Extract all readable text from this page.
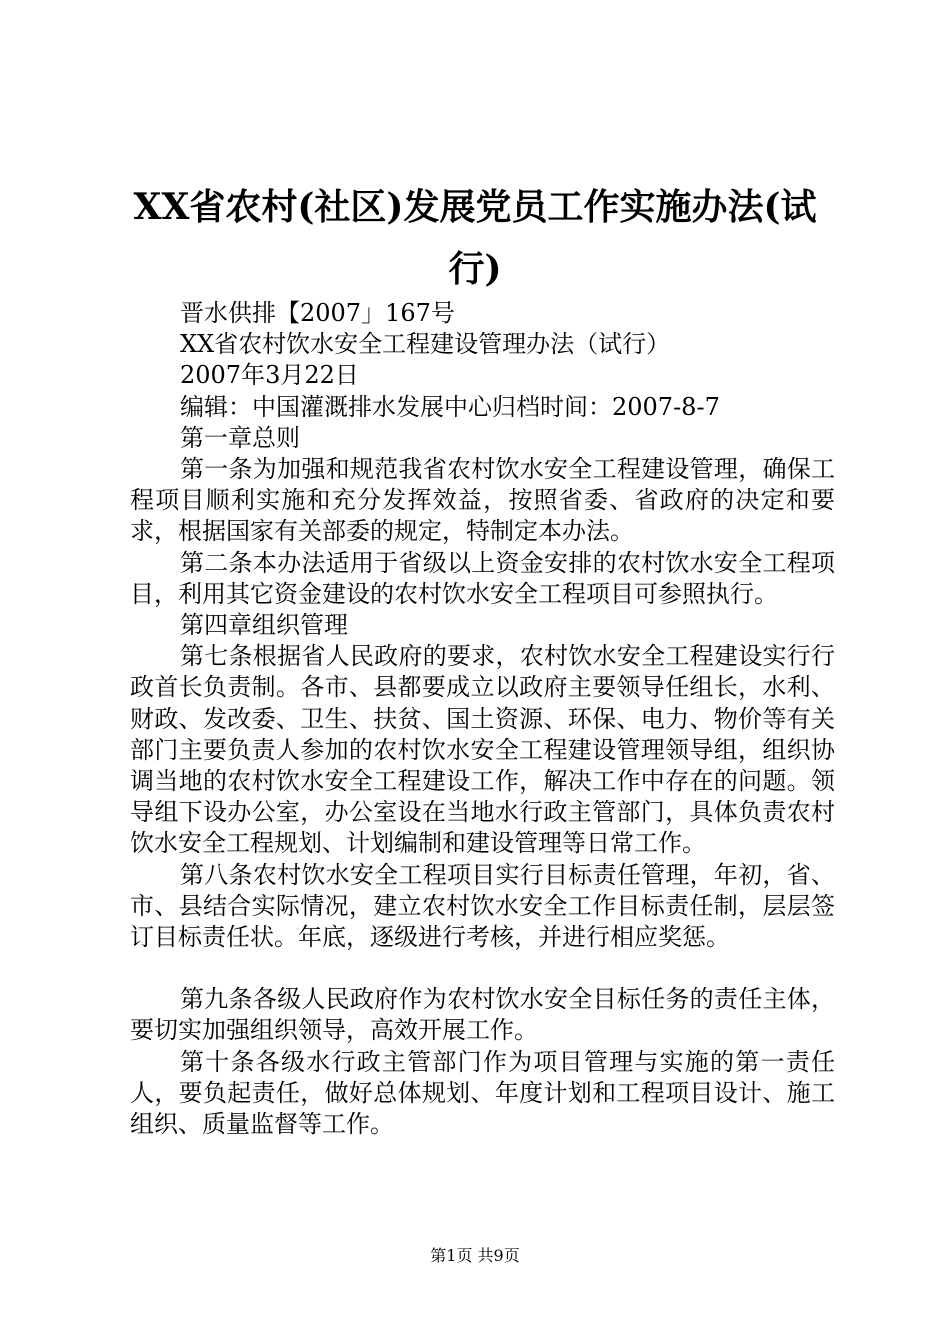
XX省农村(社区)发展党员工作实施办法(试
行)
晋水供排【2007」167号
XX省农村饮水安全工程建设管理办法（试行）
2007年3月22日
编辑：中国灌溉排水发展中心归档时间：2007-8-7
第一章总则
第一条为加强和规范我省农村饮水安全工程建设管理，确保工程项目顺利实施和充分发挥效益，按照省委、省政府的决定和要求，根据国家有关部委的规定，特制定本办法。
第二条本办法适用于省级以上资金安排的农村饮水安全工程项目，利用其它资金建设的农村饮水安全工程项目可参照执行。
第四章组织管理
第七条根据省人民政府的要求，农村饮水安全工程建设实行行政首长负责制。各市、县都要成立以政府主要领导任组长，水利、财政、发改委、卫生、扶贫、国土资源、环保、电力、物价等有关部门主要负责人参加的农村饮水安全工程建设管理领导组，组织协调当地的农村饮水安全工程建设工作，解决工作中存在的问题。领导组下设办公室，办公室设在当地水行政主管部门，具体负责农村饮水安全工程规划、计划编制和建设管理等日常工作。
第八条农村饮水安全工程项目实行目标责任管理，年初，省、市、县结合实际情况，建立农村饮水安全工作目标责任制，层层签订目标责任状。年底，逐级进行考核，并进行相应奖惩。
第九条各级人民政府作为农村饮水安全目标任务的责任主体，要切实加强组织领导，高效开展工作。
第十条各级水行政主管部门作为项目管理与实施的第一责任人，要负起责任，做好总体规划、年度计划和工程项目设计、施工组织、质量监督等工作。
第1页 共9页
